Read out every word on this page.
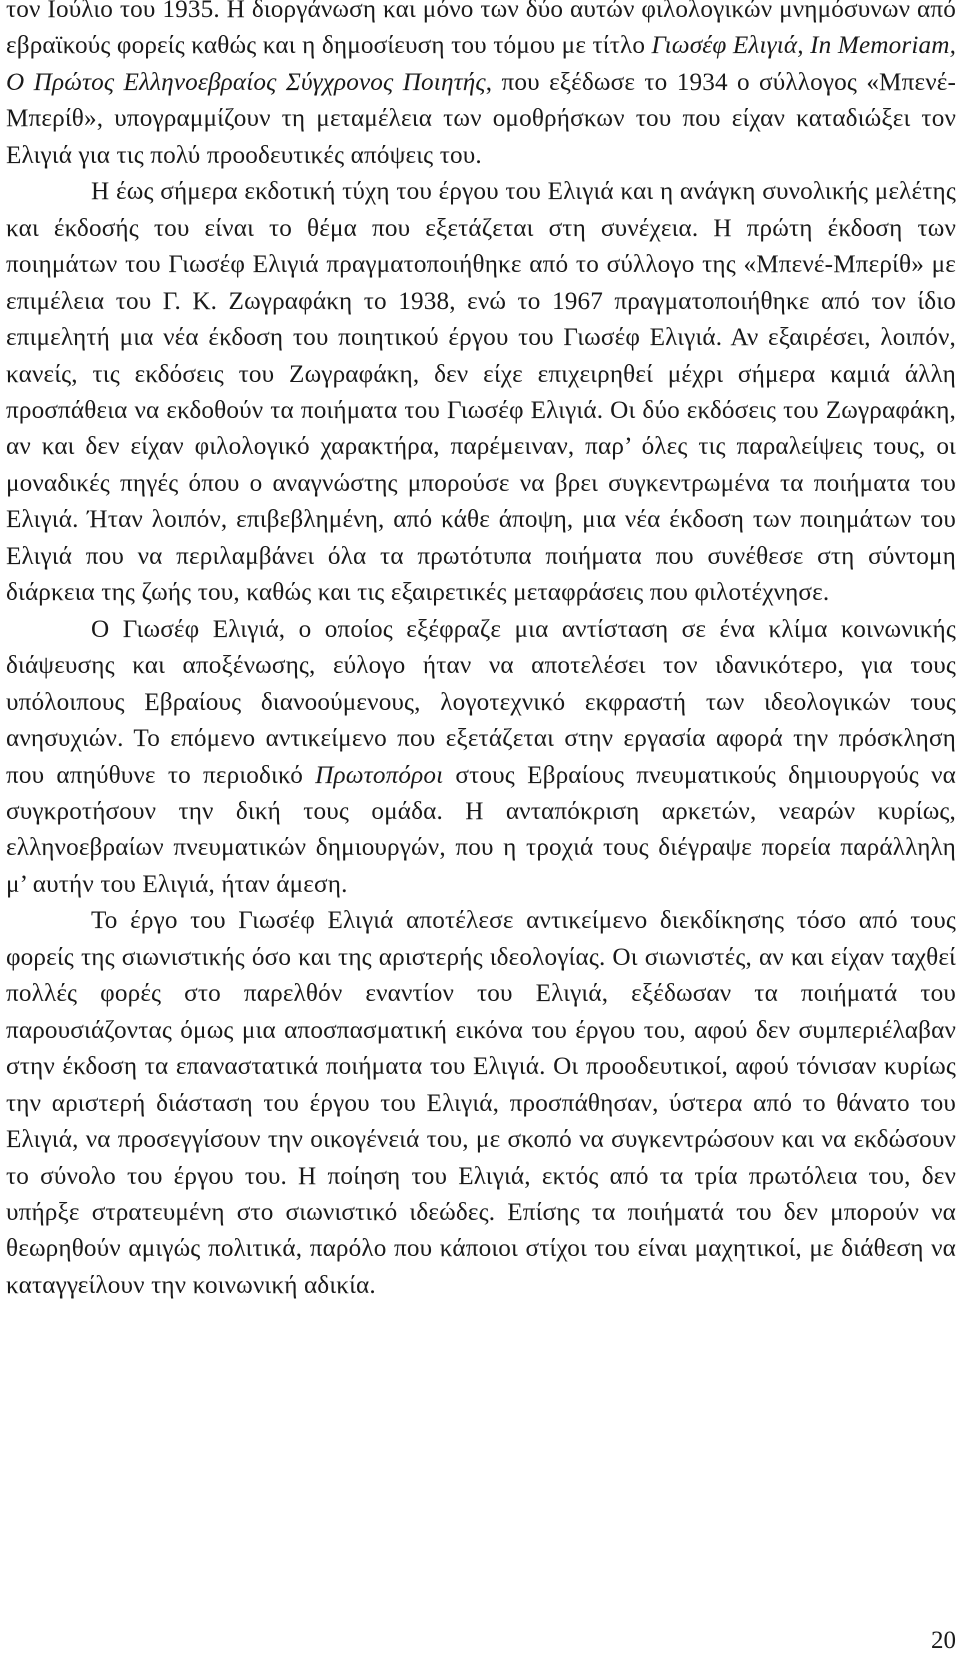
τον Ιούλιο του 1935. Η διοργάνωση και μόνο των δύο αυτών φιλολογικών μνημόσυνων από εβραϊκούς φορείς καθώς και η δημοσίευση του τόμου με τίτλο Γιωσέφ Ελιγιά, In Memoriam, Ο Πρώτος Ελληνοεβραίος Σύγχρονος Ποιητής, που εξέδωσε το 1934 ο σύλλογος «Μπενέ-Μπερίθ», υπογραμμίζουν τη μεταμέλεια των ομοθρήσκων του που είχαν καταδιώξει τον Ελιγιά για τις πολύ προοδευτικές απόψεις του.

Η έως σήμερα εκδοτική τύχη του έργου του Ελιγιά και η ανάγκη συνολικής μελέτης και έκδοσής του είναι το θέμα που εξετάζεται στη συνέχεια. Η πρώτη έκδοση των ποιημάτων του Γιωσέφ Ελιγιά πραγματοποιήθηκε από το σύλλογο της «Μπενέ-Μπερίθ» με επιμέλεια του Γ. Κ. Ζωγραφάκη το 1938, ενώ το 1967 πραγματοποιήθηκε από τον ίδιο επιμελητή μια νέα έκδοση του ποιητικού έργου του Γιωσέφ Ελιγιά. Αν εξαιρέσει, λοιπόν, κανείς, τις εκδόσεις του Ζωγραφάκη, δεν είχε επιχειρηθεί μέχρι σήμερα καμιά άλλη προσπάθεια να εκδοθούν τα ποιήματα του Γιωσέφ Ελιγιά. Οι δύο εκδόσεις του Ζωγραφάκη, αν και δεν είχαν φιλολογικό χαρακτήρα, παρέμειναν, παρ’ όλες τις παραλείψεις τους, οι μοναδικές πηγές όπου ο αναγνώστης μπορούσε να βρει συγκεντρωμένα τα ποιήματα του Ελιγιά. Ήταν λοιπόν, επιβεβλημένη, από κάθε άποψη, μια νέα έκδοση των ποιημάτων του Ελιγιά που να περιλαμβάνει όλα τα πρωτότυπα ποιήματα που συνέθεσε στη σύντομη διάρκεια της ζωής του, καθώς και τις εξαιρετικές μεταφράσεις που φιλοτέχνησε.

Ο Γιωσέφ Ελιγιά, ο οποίος εξέφραζε μια αντίσταση σε ένα κλίμα κοινωνικής διάψευσης και αποξένωσης, εύλογο ήταν να αποτελέσει τον ιδανικότερο, για τους υπόλοιπους Εβραίους διανοούμενους, λογοτεχνικό εκφραστή των ιδεολογικών τους ανησυχιών. Το επόμενο αντικείμενο που εξετάζεται στην εργασία αφορά την πρόσκληση που απηύθυνε το περιοδικό Πρωτοπόροι στους Εβραίους πνευματικούς δημιουργούς να συγκροτήσουν την δική τους ομάδα. Η ανταπόκριση αρκετών, νεαρών κυρίως, ελληνοεβραίων πνευματικών δημιουργών, που η τροχιά τους διέγραψε πορεία παράλληλη μ’ αυτήν του Ελιγιά, ήταν άμεση.

Το έργο του Γιωσέφ Ελιγιά αποτέλεσε αντικείμενο διεκδίκησης τόσο από τους φορείς της σιωνιστικής όσο και της αριστερής ιδεολογίας. Οι σιωνιστές, αν και είχαν ταχθεί πολλές φορές στο παρελθόν εναντίον του Ελιγιά, εξέδωσαν τα ποιήματά του παρουσιάζοντας όμως μια αποσπασματική εικόνα του έργου του, αφού δεν συμπεριέλαβαν στην έκδοση τα επαναστατικά ποιήματα του Ελιγιά. Οι προοδευτικοί, αφού τόνισαν κυρίως την αριστερή διάσταση του έργου του Ελιγιά, προσπάθησαν, ύστερα από το θάνατο του Ελιγιά, να προσεγγίσουν την οικογένειά του, με σκοπό να συγκεντρώσουν και να εκδώσουν το σύνολο του έργου του. Η ποίηση του Ελιγιά, εκτός από τα τρία πρωτόλεια του, δεν υπήρξε στρατευμένη στο σιωνιστικό ιδεώδες. Επίσης τα ποιήματά του δεν μπορούν να θεωρηθούν αμιγώς πολιτικά, παρόλο που κάποιοι στίχοι του είναι μαχητικοί, με διάθεση να καταγγείλουν την κοινωνική αδικία.

20
